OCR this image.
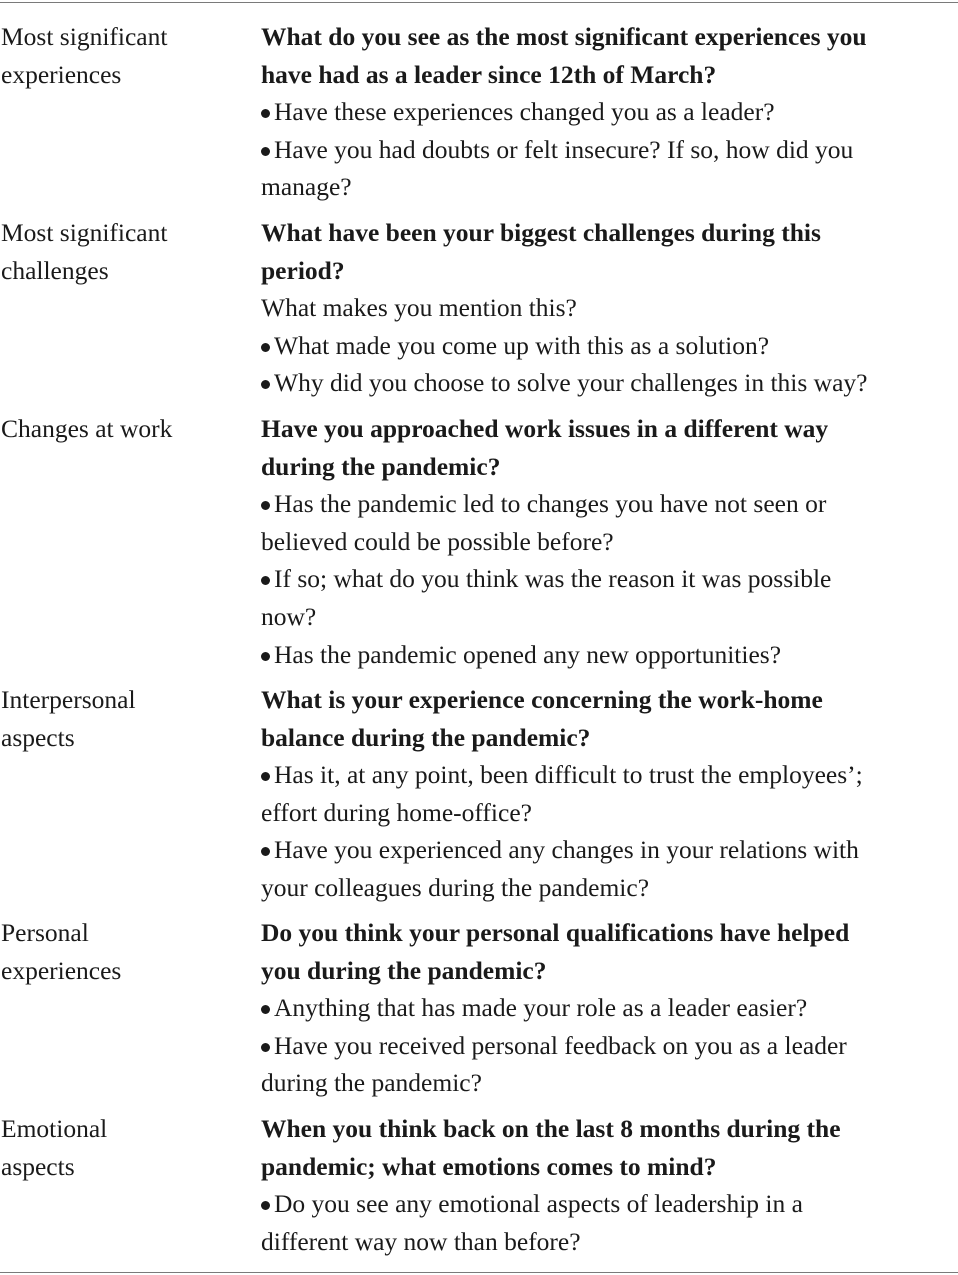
Most significant
experiences
What do you see as the most significant experiences you
have had as a leader since 12th of March?
Have these experiences changed you as a leader?
Have you had doubts or felt insecure? If so, how did you
manage?
Most significant
challenges
What have been your biggest challenges during this
period?
What makes you mention this?
What made you come up with this as a solution?
Why did you choose to solve your challenges in this way?
Changes at work	Have you approached work issues in a different way
during the pandemic?
Has the pandemic led to changes you have not seen or
believed could be possible before?
If so; what do you think was the reason it was possible
now?
Has the pandemic opened any new opportunities?
Interpersonal
aspects
What is your experience concerning the work-home
balance during the pandemic?
Has it, at any point, been difficult to trust the employees’;
effort during home-office?
Have you experienced any changes in your relations with
your colleagues during the pandemic?
Personal
experiences
Do you think your personal qualifications have helped
you during the pandemic?
Anything that has made your role as a leader easier?
Have you received personal feedback on you as a leader
during the pandemic?
Emotional
aspects
When you think back on the last 8 months during the
pandemic; what emotions comes to mind?
Do you see any emotional aspects of leadership in a
different way now than before?
